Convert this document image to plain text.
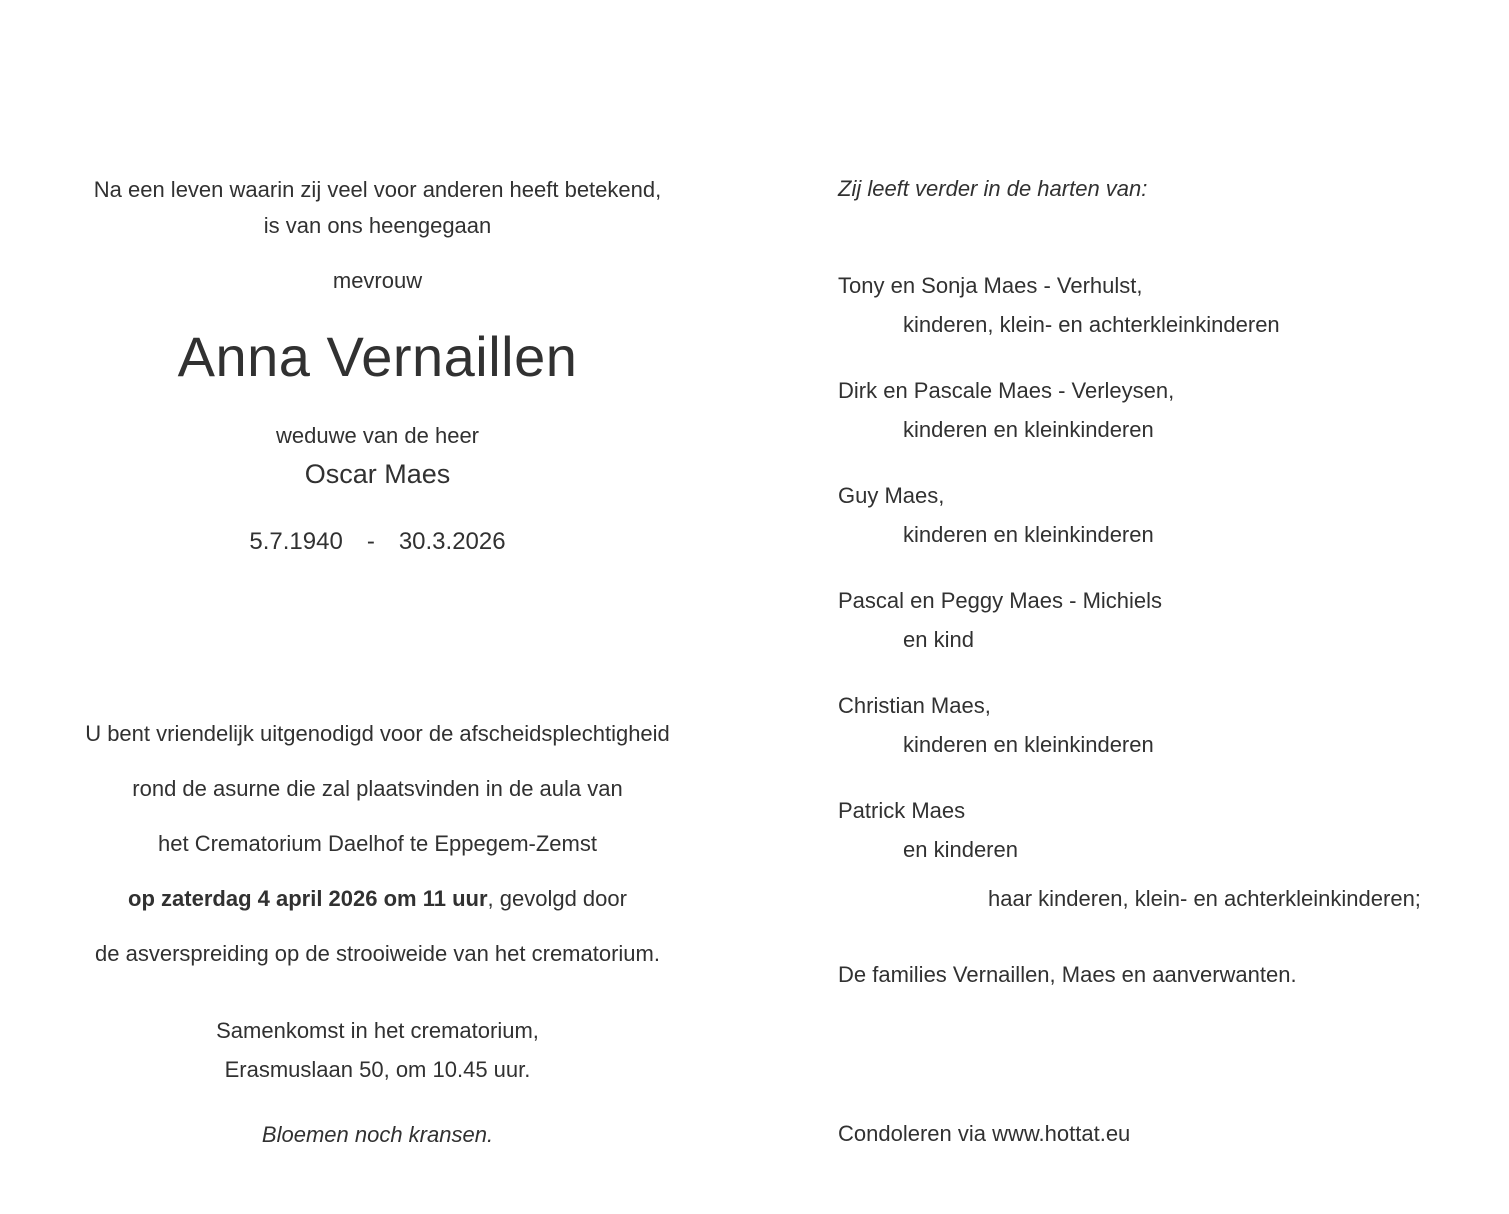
Na een leven waarin zij veel voor anderen heeft betekend,
is van ons heengegaan
mevrouw
Anna Vernaillen
weduwe van de heer
Oscar Maes
5.7.1940 - 30.3.2026
U bent vriendelijk uitgenodigd voor de afscheidsplechtigheid
rond de asurne die zal plaatsvinden in de aula van
het Crematorium Daelhof te Eppegem-Zemst
op zaterdag 4 april 2026 om 11 uur, gevolgd door
de asverspreiding op de strooiweide van het crematorium.
Samenkomst in het crematorium,
Erasmuslaan 50, om 10.45 uur.
Bloemen noch kransen.
Zij leeft verder in de harten van:
Tony en Sonja Maes - Verhulst,
kinderen, klein- en achterkleinkinderen
Dirk en Pascale Maes - Verleysen,
kinderen en kleinkinderen
Guy Maes,
kinderen en kleinkinderen
Pascal en Peggy Maes - Michiels
en kind
Christian Maes,
kinderen en kleinkinderen
Patrick Maes
en kinderen
haar kinderen, klein- en achterkleinkinderen;
De families Vernaillen, Maes en aanverwanten.
Condoleren via www.hottat.eu
